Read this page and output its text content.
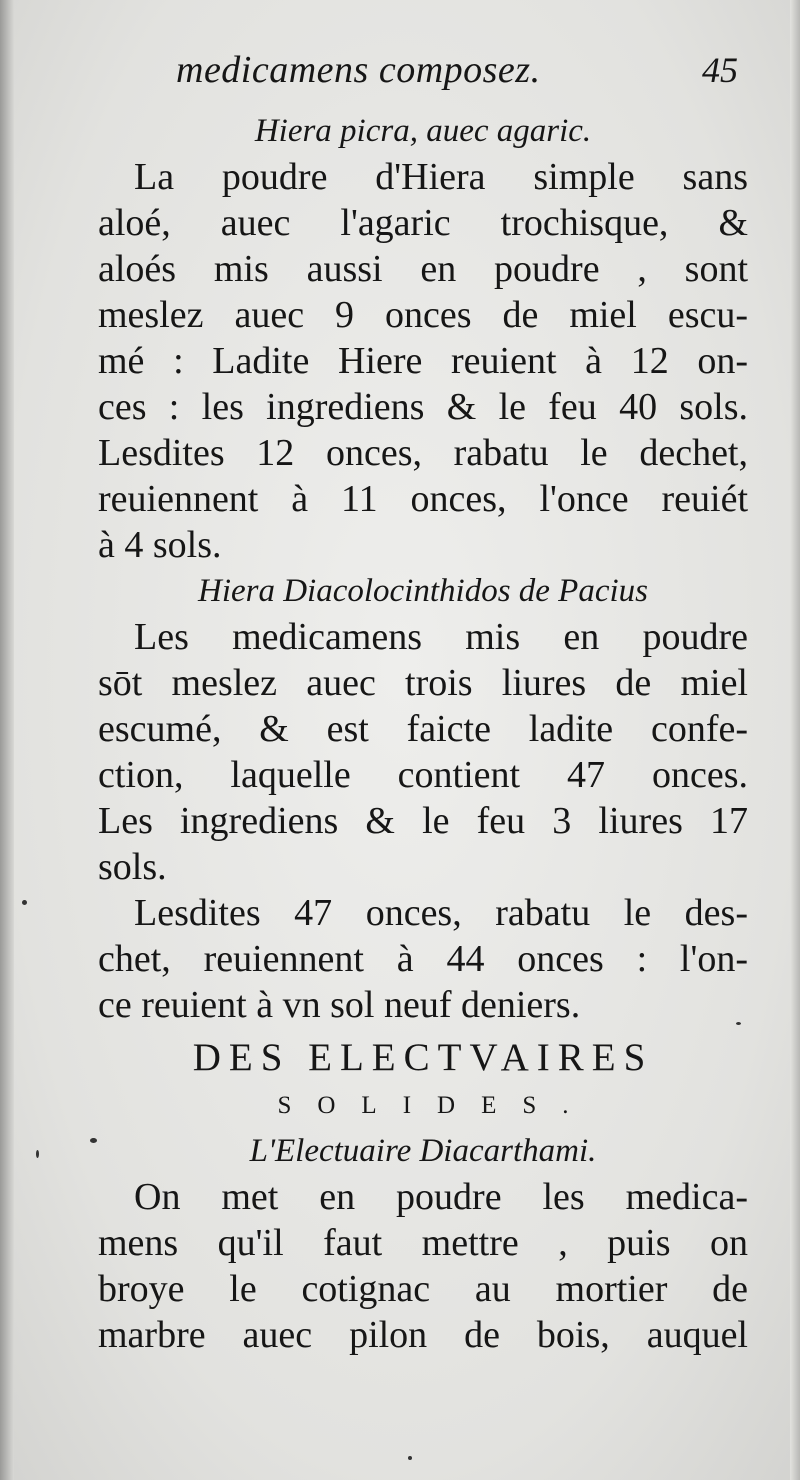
medicamens composez.	45
Hiera picra, auec agaric.
La poudre d'Hiera simple sans
aloé, auec l'agaric trochisque, &
aloés mis aussi en poudre , sont
meslez auec 9 onces de miel escu-
mé : Ladite Hiere reuient à 12 on-
ces : les ingrediens & le feu 40 sols.
Lesdites 12 onces, rabatu le dechet,
reuiennent à 11 onces, l'once reuiét
à 4 sols.
Hiera Diacolocinthidos de Pacius
Les medicamens mis en poudre
sōt meslez auec trois liures de miel
escumé, & est faicte ladite confe-
ction, laquelle contient 47 onces.
Les ingrediens & le feu 3 liures 17
sols.
Lesdites 47 onces, rabatu le des-
chet, reuiennent à 44 onces : l'on-
ce reuient à vn sol neuf deniers.
DES ELECTVAIRES
SOLIDES.
L'Electuaire Diacarthami.
On met en poudre les medica-
mens qu'il faut mettre , puis on
broye le cotignac au mortier de
marbre auec pilon de bois, auquel
